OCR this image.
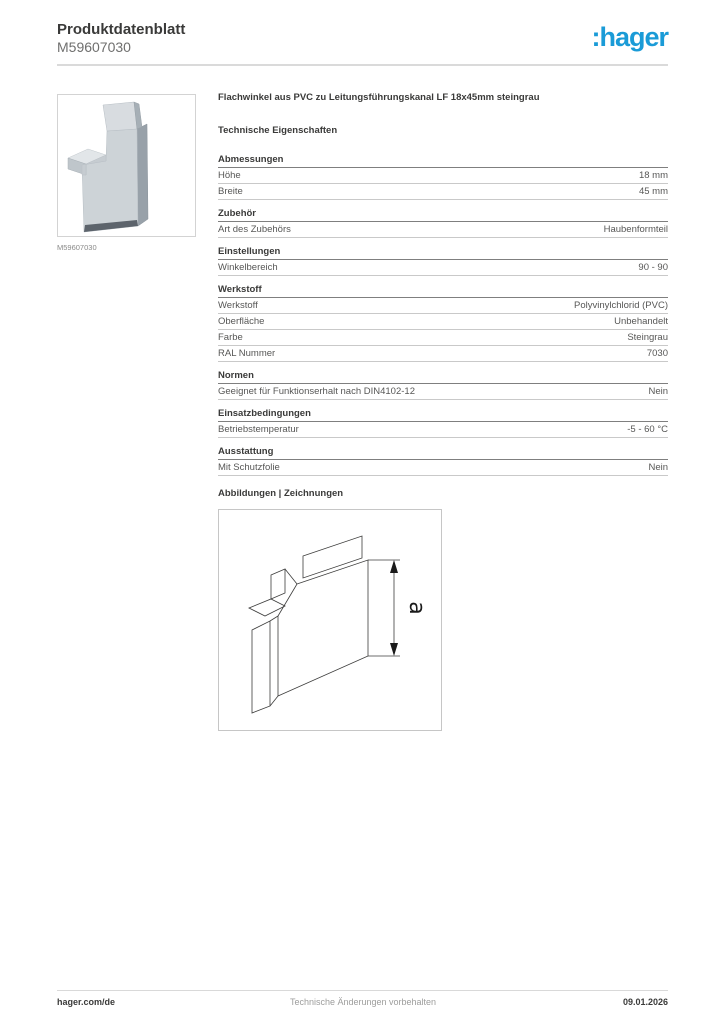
Produktdatenblatt
M59607030	:hager
M59607030
Flachwinkel aus PVC zu Leitungsführungskanal LF 18x45mm steingrau
Technische Eigenschaften
Abmessungen
Höhe	18 mm
Breite	45 mm
Zubehör
Art des Zubehörs	Haubenformteil
Einstellungen
Winkelbereich	90 - 90
Werkstoff
Werkstoff	Polyvinylchlorid (PVC)
Oberfläche	Unbehandelt
Farbe	Steingrau
RAL Nummer	7030
Normen
Geeignet für Funktionserhalt nach DIN4102-12	Nein
Einsatzbedingungen
Betriebstemperatur	-5 - 60 °C
Ausstattung
Mit Schutzfolie	Nein
Abbildungen | Zeichnungen
a
hager.com/de	Technische Änderungen vorbehalten	09.01.2026
